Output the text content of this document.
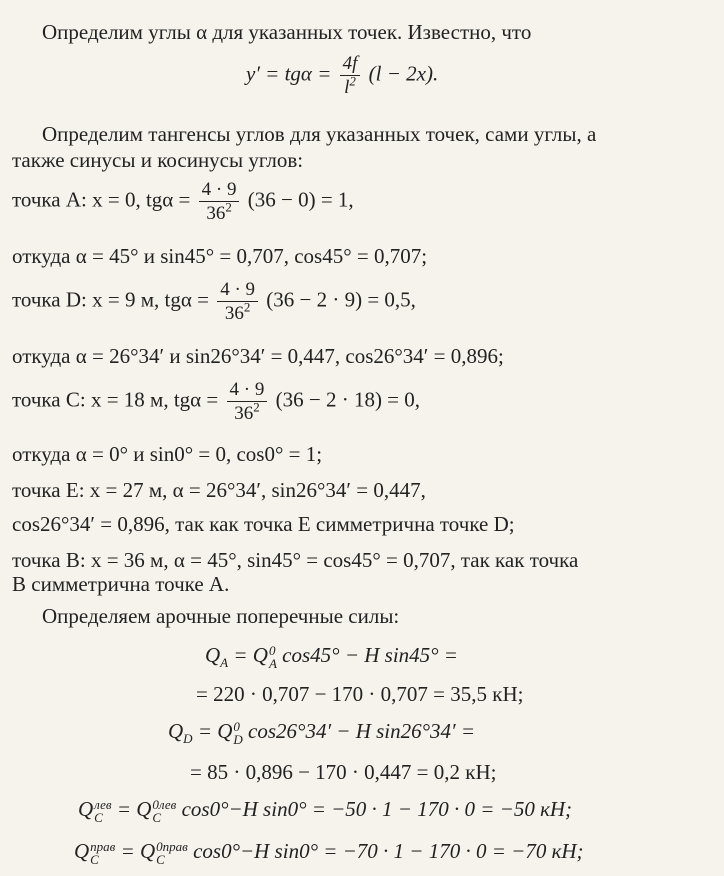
Определим углы α для указанных точек. Известно, что
$y' = tg\alpha = \frac{4f}{l^2} (l - 2x)$.
Определим тангенсы углов для указанных точек, сами углы, а
также синусы и косинусы углов:
точка A: x = 0, $tg\alpha = \frac{4 \cdot 9}{36^2} (36 - 0) = 1$,
откуда α = 45° и sin45° = 0,707, cos45° = 0,707;
точка D: x = 9 м, $tg\alpha = \frac{4 \cdot 9}{36^2} (36 - 2 \cdot 9) = 0,5$,
откуда α = 26°34′ и sin26°34′ = 0,447, cos26°34′ = 0,896;
точка C: x = 18 м, $tg\alpha = \frac{4 \cdot 9}{36^2} (36 - 2 \cdot 18) = 0$,
откуда α = 0° и sin0° = 0, cos0° = 1;
точка E: x = 27 м, α = 26°34′, sin26°34′ = 0,447,
cos26°34′ = 0,896, так как точка E симметрична точке D;
точка B: x = 36 м, α = 45°, sin45° = cos45° = 0,707, так как точка
B симметрична точке A.
Определяем арочные поперечные силы:
$Q_A = Q$ 0
A cos45° − H sin45° =
= 220 · 0,707 − 170 · 0,707 = 35,5 кН;
$Q_D = Q$ 0
D cos26°34′ − H sin26°34′ =
= 85 · 0,896 − 170 · 0,447 = 0,2 кН;
Q лев
C = Q 0лев
C cos0°−H sin0° = −50 · 1 − 170 · 0 = −50 кН;
Q прав
C = Q 0прав
C	cos0°−H sin0° = −70 · 1 − 170 · 0 = −70 кН;
